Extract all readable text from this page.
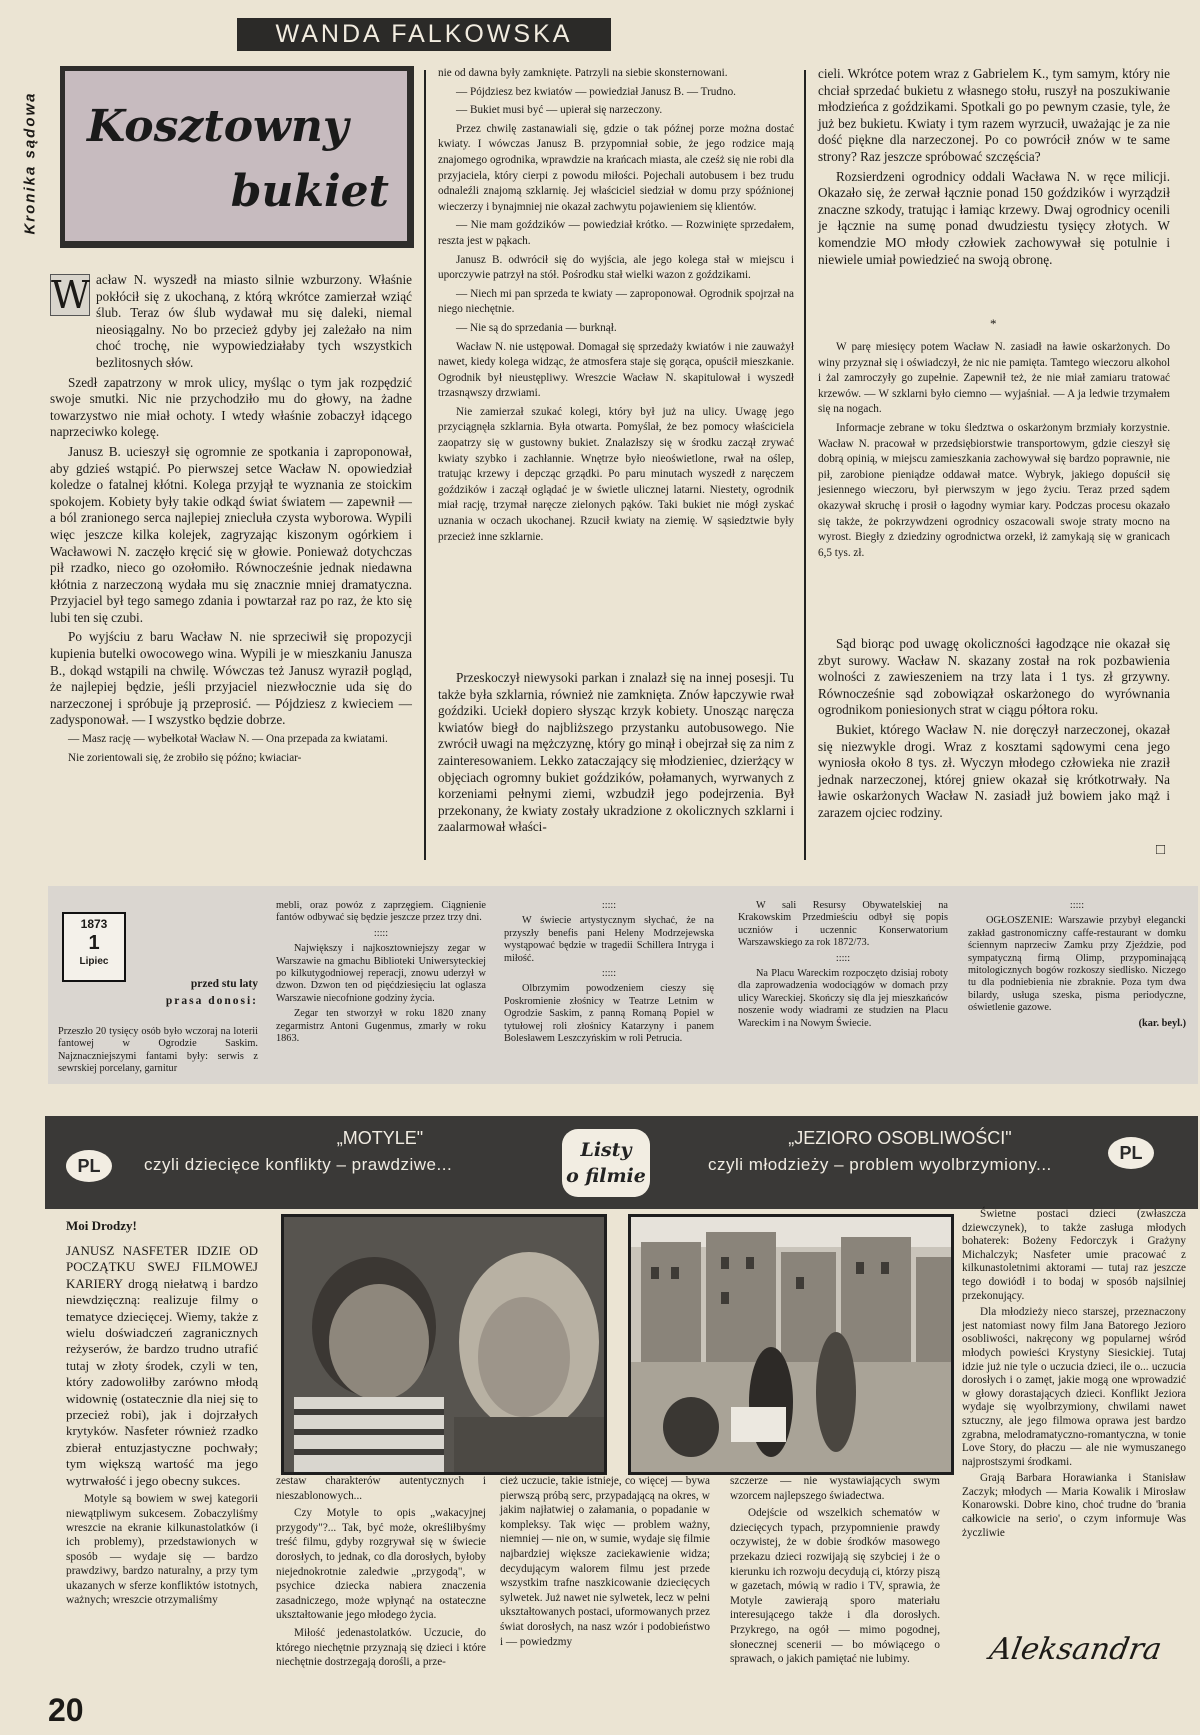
WANDA FALKOWSKA
Kronika sądowa Kosztowny
bukiet
W acław N. wyszedł na miasto silnie wzburzony. Właśnie pokłócił się z ukochaną, z którą wkrótce zamierzał wziąć ślub. Teraz ów ślub wydawał mu się daleki, niemal nieosiągalny. No bo przecież gdyby jej zależało na nim choć trochę, nie wypowiedziałaby tych wszystkich bezlitosnych słów.

Szedł zapatrzony w mrok ulicy, myśląc o tym jak rozpędzić swoje smutki. Nic nie przychodziło mu do głowy, na żadne towarzystwo nie miał ochoty. I wtedy właśnie zobaczył idącego naprzeciwko kolegę.

Janusz B. ucieszył się ogromnie ze spotkania i zaproponował, aby gdzieś wstąpić. Po pierwszej setce Wacław N. opowiedział koledze o fatalnej kłótni. Kolega przyjął te wyznania ze stoickim spokojem. Kobiety były takie odkąd świat światem — zapewnił — a ból zranionego serca najlepiej zniecluła czysta wyborowa. Wypili więc jeszcze kilka kolejek, zagryzając kiszonym ogórkiem i Wacławowi N. zaczęło kręcić się w głowie. Ponieważ dotychczas pił rzadko, nieco go ozołomiło. Równocześnie jednak niedawna kłótnia z narzeczoną wydała mu się znacznie mniej dramatyczna. Przyjaciel był tego samego zdania i powtarzał raz po raz, że kto się lubi ten się czubi.

Po wyjściu z baru Wacław N. nie sprzeciwił się propozycji kupienia butelki owocowego wina. Wypili je w mieszkaniu Janusza B., dokąd wstąpili na chwilę. Wówczas też Janusz wyraził pogląd, że najlepiej będzie, jeśli przyjaciel niezwłocznie uda się do narzeczonej i spróbuje ją przeprosić. — Pójdziesz z kwieciem — zadysponował. — I wszystko będzie dobrze.

— Masz rację — wybełkotał Wacław N. — Ona przepada za kwiatami.

Nie zorientowali się, że zrobiło się późno; kwiaciar-

nie od dawna były zamknięte. Patrzyli na siebie skonsternowani.

— Pójdziesz bez kwiatów — powiedział Janusz B. — Trudno.

— Bukiet musi być — upierał się narzeczony.

Przez chwilę zastanawiali się, gdzie o tak późnej porze można dostać kwiaty. I wówczas Janusz B. przypomniał sobie, że jego rodzice mają znajomego ogrodnika, wprawdzie na krańcach miasta, ale cześż się nie robi dla przyjaciela, który cierpi z powodu miłości. Pojechali autobusem i bez trudu odnaleźli znajomą szklarnię. Jej właściciel siedział w domu przy spóźnionej wieczerzy i bynajmniej nie okazał zachwytu pojawieniem się klientów.

— Nie mam goździków — powiedział krótko. — Rozwinięte sprzedałem, reszta jest w pąkach.

Janusz B. odwrócił się do wyjścia, ale jego kolega stał w miejscu i uporczywie patrzył na stół. Pośrodku stał wielki wazon z goździkami.

— Niech mi pan sprzeda te kwiaty — zaproponował. Ogrodnik spojrzał na niego niechętnie.

— Nie są do sprzedania — burknął.

Wacław N. nie ustępował. Domagał się sprzedaży kwiatów i nie zauważył nawet, kiedy kolega widząc, że atmosfera staje się gorąca, opuścił mieszkanie. Ogrodnik był nieustępliwy. Wreszcie Wacław N. skapitulował i wyszedł trzasnąwszy drzwiami.

Nie zamierzał szukać kolegi, który był już na ulicy. Uwagę jego przyciągnęła szklarnia. Była otwarta. Pomyślał, że bez pomocy właściciela zaopatrzy się w gustowny bukiet. Znalazłszy się w środku zaczął zrywać kwiaty szybko i zachłannie. Wnętrze było nieoświetlone, rwał na oślep, tratując krzewy i depcząc grządki. Po paru minutach wyszedł z naręczem goździków i zaczął oglądać je w świetle ulicznej latarni. Niestety, ogrodnik miał rację, trzymał naręcze zielonych pąków. Taki bukiet nie mógł zyskać uznania w oczach ukochanej. Rzucił kwiaty na ziemię. W sąsiedztwie były przecież inne szklarnie.

Przeskoczył niewysoki parkan i znalazł się na innej posesji. Tu także była szklarnia, również nie zamknięta. Znów łapczywie rwał goździki. Uciekł dopiero słysząc krzyk kobiety. Unosząc naręcza kwiatów biegł do najbliższego przystanku autobusowego. Nie zwrócił uwagi na mężczyznę, który go minął i obejrzał się za nim z zainteresowaniem. Lekko zataczający się młodzieniec, dzierżący w objęciach ogromny bukiet goździków, połamanych, wyrwanych z korzeniami pełnymi ziemi, wzbudził jego podejrzenia. Był przekonany, że kwiaty zostały ukradzione z okolicznych szklarni i zaalarmował właści-

cieli. Wkrótce potem wraz z Gabrielem K., tym samym, który nie chciał sprzedać bukietu z własnego stołu, ruszył na poszukiwanie młodzieńca z goździkami. Spotkali go po pewnym czasie, tyle, że już bez bukietu. Kwiaty i tym razem wyrzucił, uważając je za nie dość piękne dla narzeczonej. Po co powrócił znów w te same strony? Raz jeszcze spróbować szczęścia?

Rozsierdzeni ogrodnicy oddali Wacława N. w ręce milicji. Okazało się, że zerwał łącznie ponad 150 goździków i wyrządził znaczne szkody, tratując i łamiąc krzewy. Dwaj ogrodnicy ocenili je łącznie na sumę ponad dwudziestu tysięcy złotych. W komendzie MO młody człowiek zachowywał się potulnie i niewiele umiał powiedzieć na swoją obronę.

*

W parę miesięcy potem Wacław N. zasiadł na ławie oskarżonych. Do winy przyznał się i oświadczył, że nic nie pamięta. Tamtego wieczoru alkohol i żal zamroczyły go zupełnie. Zapewnił też, że nie miał zamiaru tratować krzewów. — W szklarni było ciemno — wyjaśniał. — A ja ledwie trzymałem się na nogach.

Informacje zebrane w toku śledztwa o oskarżonym brzmiały korzystnie. Wacław N. pracował w przedsiębiorstwie transportowym, gdzie cieszył się dobrą opinią, w miejscu zamieszkania zachowywał się bardzo poprawnie, nie pił, zarobione pieniądze oddawał matce. Wybryk, jakiego dopuścił się jesiennego wieczoru, był pierwszym w jego życiu. Teraz przed sądem okazywał skruchę i prosił o łagodny wymiar kary. Podczas procesu okazało się także, że pokrzywdzeni ogrodnicy oszacowali swoje straty mocno na wyrost. Biegły z dziedziny ogrodnictwa orzekł, iż zamykają się w granicach 6,5 tys. zł.

Sąd biorąc pod uwagę okoliczności łagodzące nie okazał się zbyt surowy. Wacław N. skazany został na rok pozbawienia wolności z zawieszeniem na trzy lata i 1 tys. zł grzywny. Równocześnie sąd zobowiązał oskarżonego do wyrównania ogrodnikom poniesionych strat w ciągu półtora roku.

Bukiet, którego Wacław N. nie doręczył narzeczonej, okazał się niezwykle drogi. Wraz z kosztami sądowymi cena jego wyniosła około 8 tys. zł. Wyczyn młodego człowieka nie zraził jednak narzeczonej, której gniew okazał się krótkotrwały. Na ławie oskarżonych Wacław N. zasiadł już bowiem jako mąż i zarazem ojciec rodziny.

□
1873
1
Lipiec
przed stu laty
prasa donosi:
Przeszło 20 tysięcy osób było wczoraj na loterii fantowej w Ogrodzie Saskim. Najznaczniejszymi fantami były: serwis z sewrskiej porcelany, garnitur

mebli, oraz powóz z zaprzęgiem. Ciągnienie fantów odbywać się będzie jeszcze przez trzy dni.

:::::

Największy i najkosztowniejszy zegar w Warszawie na gmachu Biblioteki Uniwersyteckiej po kilkutygodniowej reperacji, znowu uderzył w dzwon. Dzwon ten od pięćdziesięciu lat oglasza Warszawie niecofnione godziny życia.

Zegar ten stworzył w roku 1820 znany zegarmistrz Antoni Gugenmus, zmarły w roku 1863.

:::::

W świecie artystycznym słychać, że na przyszły benefis pani Heleny Modrzejewska wystąpować będzie w tragedii Schillera Intryga i miłość.

:::::

Olbrzymim powodzeniem cieszy się Poskromienie złośnicy w Teatrze Letnim w Ogrodzie Saskim, z panną Romaną Popiel w tytułowej roli złośnicy Katarzyny i panem Bolesławem Leszczyńskim w roli Petrucia.

W sali Resursy Obywatelskiej na Krakowskim Przedmieściu odbył się popis uczniów i uczennic Konserwatorium Warszawskiego za rok 1872/73.

:::::

Na Placu Wareckim rozpoczęto dzisiaj roboty dla zaprowadzenia wodociągów w domach przy ulicy Wareckiej. Skończy się dla jej mieszkańców noszenie wody wiadrami ze studzien na Placu Wareckim i na Nowym Świecie.

:::::

OGŁOSZENIE: Warszawie przybył elegancki zakład gastronomiczny caffe-restaurant w domku ściennym naprzeciw Zamku przy Zjeździe, pod sympatyczną firmą Olimp, przypominającą mitologicznych bogów rozkoszy siedlisko. Niczego tu dla podniebienia nie zbraknie. Poza tym dwa bilardy, usługa szeska, pisma periodyczne, oświetlenie gazowe.

(kar. beyl.)

PL
„MOTYLE"
czyli dziecięce konflikty – prawdziwe...
Listy
o filmie
„JEZIORO OSOBLIWOŚCI"
czyli młodzieży – problem wyolbrzymiony...
PL
Moi Drodzy!

JANUSZ NASFETER IDZIE OD POCZĄTKU SWEJ FILMOWEJ KARIERY drogą niełatwą i bardzo niewdzięczną: realizuje filmy o tematyce dziecięcej. Wiemy, także z wielu doświadczeń zagranicznych reżyserów, że bardzo trudno utrafić tutaj w złoty środek, czyli w ten, który zadowoliłby zarówno młodą widownię (ostatecznie dla niej się to przecież robi), jak i dojrzałych krytyków. Nasfeter również rzadko zbierał entuzjastyczne pochwały; tym większą wartość ma jego wytrwałość i jego obecny sukces.

Motyle są bowiem w swej kategorii niewątpliwym sukcesem. Zobaczyliśmy wreszcie na ekranie kilkunastolatków (i ich problemy), przedstawionych w sposób — wydaje się — bardzo prawdziwy, bardzo naturalny, a przy tym ukazanych w sferze konfliktów istotnych, ważnych; wreszcie otrzymaliśmy

zestaw charakterów autentycznych i nieszablonowych...

Czy Motyle to opis „wakacyjnej przygody"?... Tak, być może, określiłbyśmy treść filmu, gdyby rozgrywał się w świecie dorosłych, to jednak, co dla dorosłych, byłoby niejednokrotnie zaledwie „przygodą", w psychice dziecka nabiera znaczenia zasadniczego, może wpłynąć na ostateczne ukształtowanie jego młodego życia.

Miłość jedenastolatków. Uczucie, do którego niechętnie przyznają się dzieci i które niechętnie dostrzegają dorośli, a prze-

cież uczucie, takie istnieje, co więcej — bywa pierwszą próbą serc, przypadającą na okres, w jakim najłatwiej o załamania, o popadanie w kompleksy. Tak więc — problem ważny, niemniej — nie on, w sumie, wydaje się filmie najbardziej większe zaciekawienie widza; decydującym walorem filmu jest przede wszystkim trafne naszkicowanie dziecięcych sylwetek. Już nawet nie sylwetek, lecz w pełni ukształtowanych postaci, uformowanych przez świat dorosłych, na nasz wzór i podobieństwo i — powiedzmy

szczerze — nie wystawiających swym wzorcem najlepszego świadectwa.

Odejście od wszelkich schematów w dziecięcych typach, przypomnienie prawdy oczywistej, że w dobie środków masowego przekazu dzieci rozwijają się szybciej i że o kierunku ich rozwoju decydują ci, którzy piszą w gazetach, mówią w radio i TV, sprawia, że Motyle zawierają sporo materiału interesującego także i dla dorosłych. Przykrego, na ogół — mimo pogodnej, słonecznej scenerii — bo mówiącego o sprawach, o jakich pamiętać nie lubimy.

Świetne postaci dzieci (zwłaszcza dziewczynek), to także zasługa młodych bohaterek: Bożeny Fedorczyk i Grażyny Michalczyk; Nasfeter umie pracować z kilkunastoletnimi aktorami — tutaj raz jeszcze tego dowiódł i to bodaj w sposób najsilniej przekonujący.

Dla młodzieży nieco starszej, przeznaczony jest natomiast nowy film Jana Batorego Jezioro osobliwości, nakręcony wg popularnej wśród młodych powieści Krystyny Siesickiej. Tutaj idzie już nie tyle o uczucia dzieci, ile o... uczucia dorosłych i o zamęt, jakie mogą one wprowadzić w głowy dorastających dzieci. Konflikt Jeziora wydaje się wyolbrzymiony, chwilami nawet sztuczny, ale jego filmowa oprawa jest bardzo zgrabna, melodramatyczno-romantyczna, w tonie Love Story, do płaczu — ale nie wymuszanego najprostszymi środkami.

Grają Barbara Horawianka i Stanisław Zaczyk; młodych — Maria Kowalik i Mirosław Konarowski. Dobre kino, choć trudne do 'brania całkowicie na serio', o czym informuje Was życzliwie

Aleksandra
20
